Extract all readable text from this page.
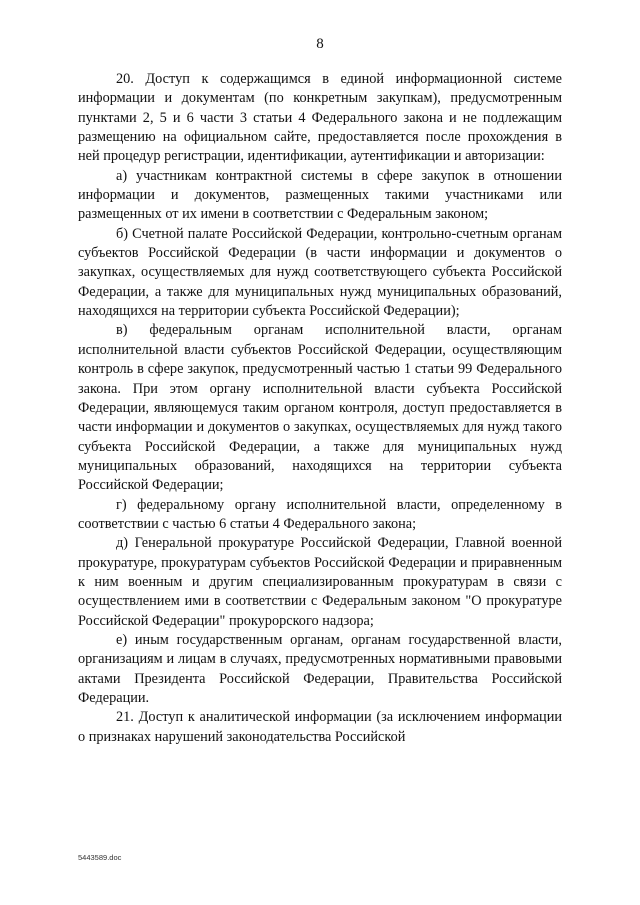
8

20. Доступ к содержащимся в единой информационной системе информации и документам (по конкретным закупкам), предусмотренным пунктами 2, 5 и 6 части 3 статьи 4 Федерального закона и не подлежащим размещению на официальном сайте, предоставляется после прохождения в ней процедур регистрации, идентификации, аутентификации и авторизации:

а) участникам контрактной системы в сфере закупок в отношении информации и документов, размещенных такими участниками или размещенных от их имени в соответствии с Федеральным законом;

б) Счетной палате Российской Федерации, контрольно-счетным органам субъектов Российской Федерации (в части информации и документов о закупках, осуществляемых для нужд соответствующего субъекта Российской Федерации, а также для муниципальных нужд муниципальных образований, находящихся на территории субъекта Российской Федерации);

в) федеральным органам исполнительной власти, органам исполнительной власти субъектов Российской Федерации, осуществляющим контроль в сфере закупок, предусмотренный частью 1 статьи 99 Федерального закона. При этом органу исполнительной власти субъекта Российской Федерации, являющемуся таким органом контроля, доступ предоставляется в части информации и документов о закупках, осуществляемых для нужд такого субъекта Российской Федерации, а также для муниципальных нужд муниципальных образований, находящихся на территории субъекта Российской Федерации;

г) федеральному органу исполнительной власти, определенному в соответствии с частью 6 статьи 4 Федерального закона;

д) Генеральной прокуратуре Российской Федерации, Главной военной прокуратуре, прокуратурам субъектов Российской Федерации и приравненным к ним военным и другим специализированным прокуратурам в связи с осуществлением ими в соответствии с Федеральным законом "О прокуратуре Российской Федерации" прокурорского надзора;

е) иным государственным органам, органам государственной власти, организациям и лицам в случаях, предусмотренных нормативными правовыми актами Президента Российской Федерации, Правительства Российской Федерации.

21. Доступ к аналитической информации (за исключением информации о признаках нарушений законодательства Российской

5443589.doc
